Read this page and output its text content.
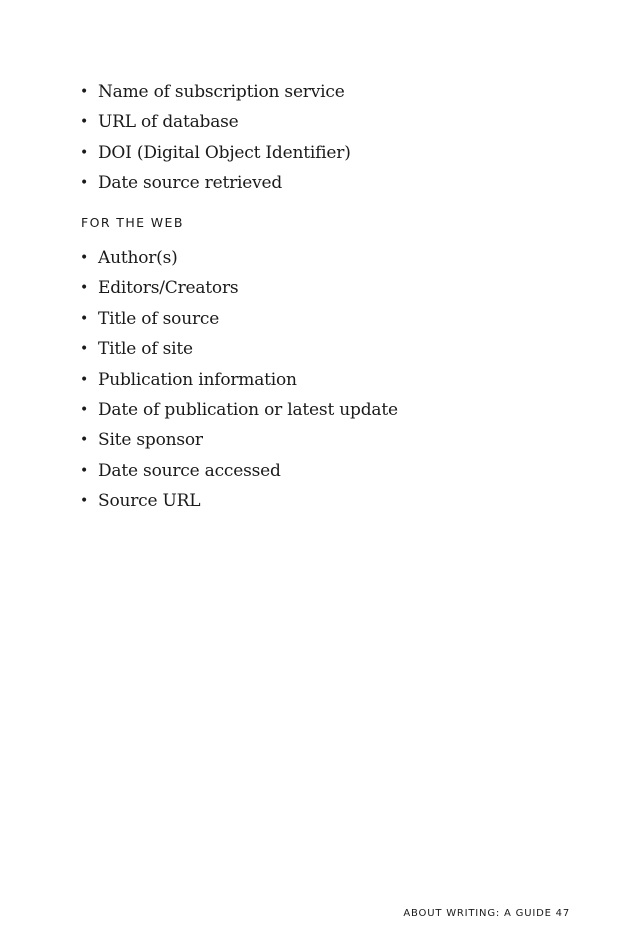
• Name of subscription service
• URL of database
• DOI (Digital Object Identifier)
• Date source retrieved
FOR THE WEB
• Author(s)
• Editors/Creators
• Title of source
• Title of site
• Publication information
• Date of publication or latest update
• Site sponsor
• Date source accessed
• Source URL
ABOUT WRITING: A GUIDE 47
